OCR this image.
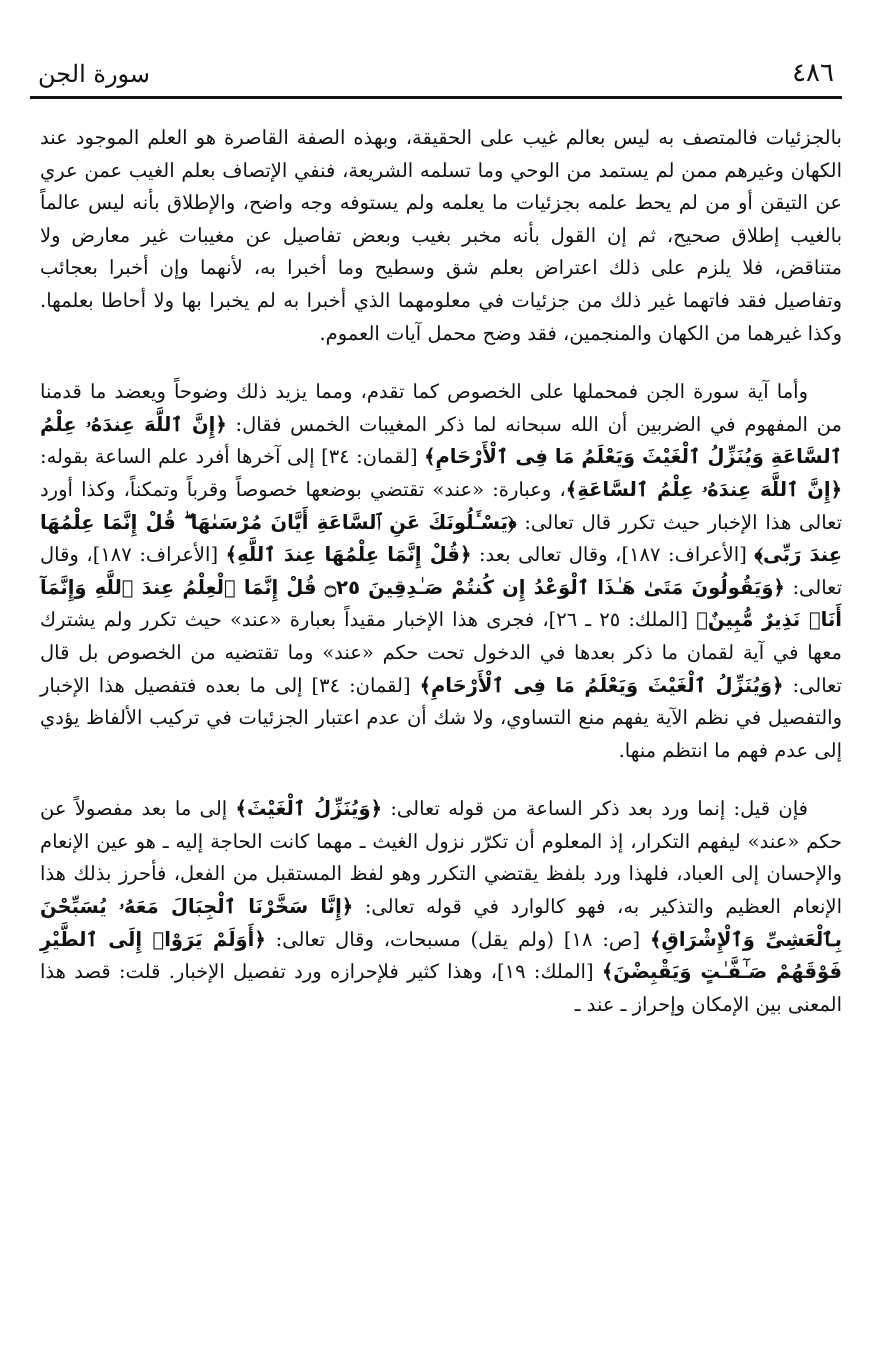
٤٨٦
سورة الجن

بالجزئيات فالمتصف به ليس بعالم غيب على الحقيقة، وبهذه الصفة القاصرة هو العلم الموجود عند الكهان وغيرهم ممن لم يستمد من الوحي وما تسلمه الشريعة، فنفي الإتصاف بعلم الغيب عمن عري عن التيقن أو من لم يحط علمه بجزئيات ما يعلمه ولم يستوفه وجه واضح، والإطلاق بأنه ليس عالماً بالغيب إطلاق صحيح، ثم إن القول بأنه مخبر بغيب وبعض تفاصيل عن مغيبات غير معارض ولا متناقض، فلا يلزم على ذلك اعتراض بعلم شق وسطيح وما أخبرا به، لأنهما وإن أخبرا بعجائب وتفاصيل فقد فاتهما غير ذلك من جزئيات في معلومهما الذي أخبرا به لم يخبرا بها ولا أحاطا بعلمها. وكذا غيرهما من الكهان والمنجمين، فقد وضح محمل آيات العموم.

وأما آية سورة الجن فمحملها على الخصوص كما تقدم، ومما يزيد ذلك وضوحاً ويعضد ما قدمنا من المفهوم في الضربين أن الله سبحانه لما ذكر المغيبات الخمس فقال: ﴿إِنَّ ٱللَّهَ عِندَهُۥ عِلْمُ ٱلسَّاعَةِ وَيُنَزِّلُ ٱلْغَيْثَ وَيَعْلَمُ مَا فِى ٱلْأَرْحَامِ﴾ [لقمان: ٣٤] إلى آخرها أفرد علم الساعة بقوله: ﴿إِنَّ ٱللَّهَ عِندَهُۥ عِلْمُ ٱلسَّاعَةِ﴾، وعبارة: «عند» تقتضي بوضعها خصوصاً وقرباً وتمكناً، وكذا أورد تعالى هذا الإخبار حيث تكرر قال تعالى: ﴿يَسْـَٔلُونَكَ عَنِ ٱلسَّاعَةِ أَيَّانَ مُرْسَىٰهَا ۖ قُلْ إِنَّمَا عِلْمُهَا عِندَ رَبِّى﴾ [الأعراف: ١٨٧]، وقال تعالى بعد: ﴿قُلْ إِنَّمَا عِلْمُهَا عِندَ ٱللَّهِ﴾ [الأعراف: ١٨٧]، وقال تعالى: ﴿وَيَقُولُونَ مَتَىٰ هَـٰذَا ٱلْوَعْدُ إِن كُنتُمْ صَـٰدِقِينَ ۝٢٥ قُلْ إِنَّمَا ٱلْعِلْمُ عِندَ ٱللَّهِ وَإِنَّمَآ أَنَا۠ نَذِيرٌ مُّبِينٌ﴾ [الملك: ٢٥ ـ ٢٦]، فجرى هذا الإخبار مقيداً بعبارة «عند» حيث تكرر ولم يشترك معها في آية لقمان ما ذكر بعدها في الدخول تحت حكم «عند» وما تقتضيه من الخصوص بل قال تعالى: ﴿وَيُنَزِّلُ ٱلْغَيْثَ وَيَعْلَمُ مَا فِى ٱلْأَرْحَامِ﴾ [لقمان: ٣٤] إلى ما بعده فتفصيل هذا الإخبار والتفصيل في نظم الآية يفهم منع التساوي، ولا شك أن عدم اعتبار الجزئيات في تركيب الألفاظ يؤدي إلى عدم فهم ما انتظم منها.

فإن قيل: إنما ورد بعد ذكر الساعة من قوله تعالى: ﴿وَيُنَزِّلُ ٱلْغَيْثَ﴾ إلى ما بعد مفصولاً عن حكم «عند» ليفهم التكرار، إذ المعلوم أن تكرّر نزول الغيث ـ مهما كانت الحاجة إليه ـ هو عين الإنعام والإحسان إلى العباد، فلهذا ورد بلفظ يقتضي التكرر وهو لفظ المستقبل من الفعل، فأحرز بذلك هذا الإنعام العظيم والتذكير به، فهو كالوارد في قوله تعالى: ﴿إِنَّا سَخَّرْنَا ٱلْجِبَالَ مَعَهُۥ يُسَبِّحْنَ بِٱلْعَشِىِّ وَٱلْإِشْرَاقِ﴾ [ص: ١٨] (ولم يقل) مسبحات، وقال تعالى: ﴿أَوَلَمْ يَرَوْا۟ إِلَى ٱلطَّيْرِ فَوْقَهُمْ صَـٰٓفَّـٰتٍ وَيَقْبِضْنَ﴾ [الملك: ١٩]، وهذا كثير فلإحرازه ورد تفصيل الإخبار. قلت: قصد هذا المعنى بين الإمكان وإحراز ـ عند ـ
